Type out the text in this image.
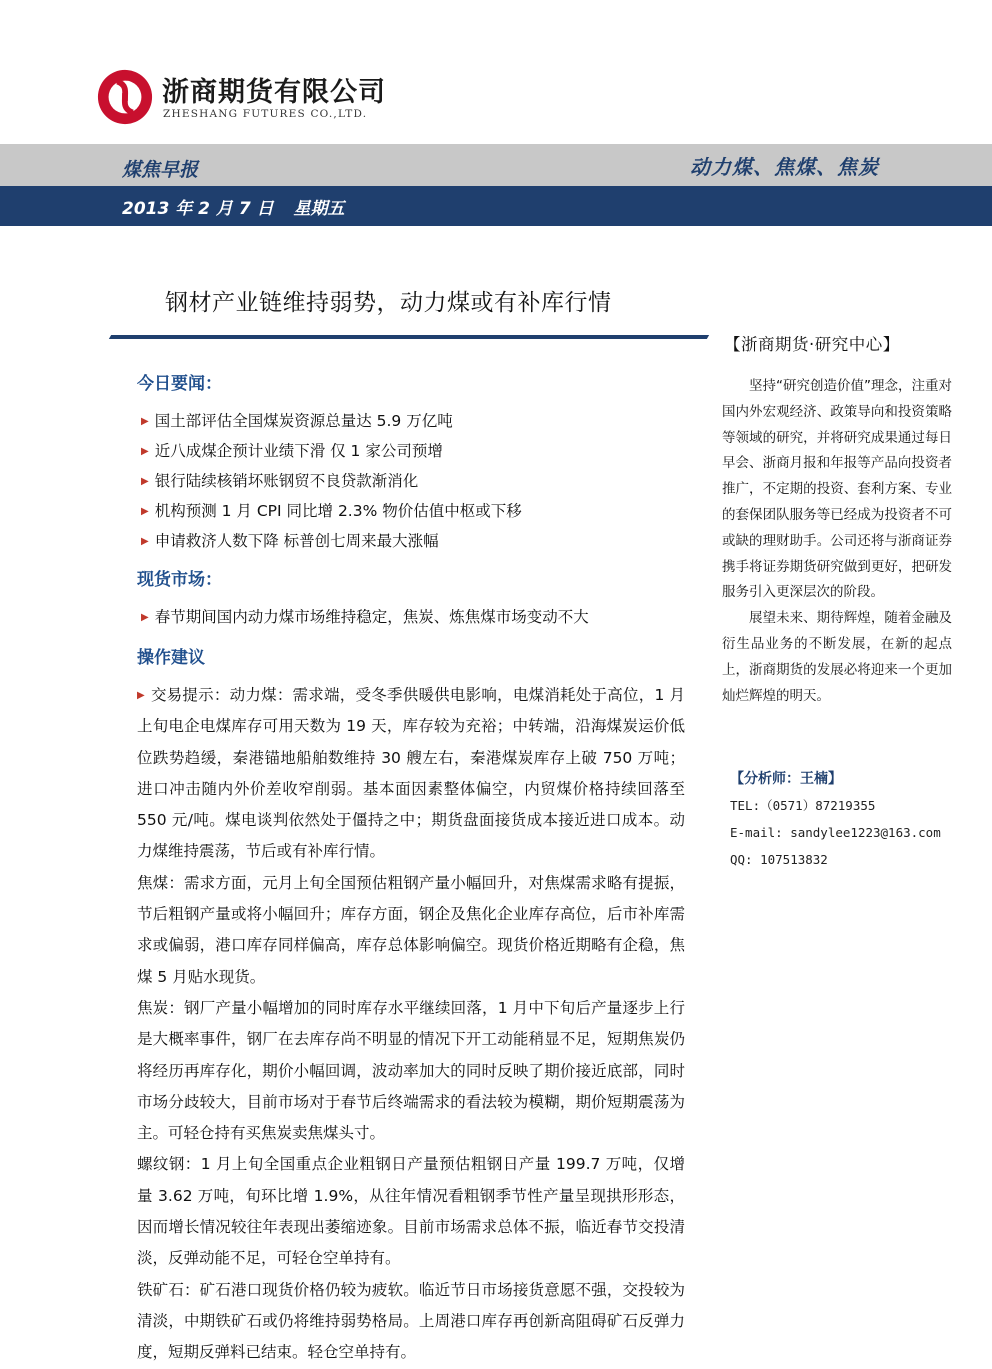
浙商期货有限公司
ZHESHANG FUTURES CO.,LTD.
煤焦早报	动力煤、焦煤、焦炭
2013 年 2 月 7 日 星期五
钢材产业链维持弱势，动力煤或有补库行情
今日要闻：
▶ 国土部评估全国煤炭资源总量达 5.9 万亿吨
▶ 近八成煤企预计业绩下滑 仅 1 家公司预增
▶ 银行陆续核销坏账钢贸不良贷款渐消化
▶ 机构预测 1 月 CPI 同比增 2.3% 物价估值中枢或下移
▶ 申请救济人数下降 标普创七周来最大涨幅
现货市场：
▶ 春节期间国内动力煤市场维持稳定，焦炭、炼焦煤市场变动不大
操作建议

▶ 交易提示：动力煤：需求端，受冬季供暖供电影响，电煤消耗处于高位，1 月上旬电企电煤库存可用天数为 19 天，库存较为充裕；中转端，沿海煤炭运价低位跌势趋缓，秦港锚地船舶数维持 30 艘左右，秦港煤炭库存上破 750 万吨；进口冲击随内外价差收窄削弱。基本面因素整体偏空，内贸煤价格持续回落至 550 元/吨。煤电谈判依然处于僵持之中；期货盘面接货成本接近进口成本。动力煤维持震荡，节后或有补库行情。

焦煤：需求方面，元月上旬全国预估粗钢产量小幅回升，对焦煤需求略有提振，节后粗钢产量或将小幅回升；库存方面，钢企及焦化企业库存高位，后市补库需求或偏弱，港口库存同样偏高，库存总体影响偏空。现货价格近期略有企稳，焦煤 5 月贴水现货。

焦炭：钢厂产量小幅增加的同时库存水平继续回落，1 月中下旬后产量逐步上行是大概率事件，钢厂在去库存尚不明显的情况下开工动能稍显不足，短期焦炭仍将经历再库存化，期价小幅回调，波动率加大的同时反映了期价接近底部，同时市场分歧较大，目前市场对于春节后终端需求的看法较为模糊，期价短期震荡为主。可轻仓持有买焦炭卖焦煤头寸。

螺纹钢：1 月上旬全国重点企业粗钢日产量预估粗钢日产量 199.7 万吨，仅增量 3.62 万吨，旬环比增 1.9%，从往年情况看粗钢季节性产量呈现拱形形态，因而增长情况较往年表现出萎缩迹象。目前市场需求总体不振，临近春节交投清淡，反弹动能不足，可轻仓空单持有。

铁矿石：矿石港口现货价格仍较为疲软。临近节日市场接货意愿不强，交投较为清淡，中期铁矿石或仍将维持弱势格局。上周港口库存再创新高阻碍矿石反弹力度，短期反弹料已结束。轻仓空单持有。

【浙商期货·研究中心】

坚持“研究创造价值”理念，注重对国内外宏观经济、政策导向和投资策略等领域的研究，并将研究成果通过每日早会、浙商月报和年报等产品向投资者推广，不定期的投资、套利方案、专业的套保团队服务等已经成为投资者不可或缺的理财助手。公司还将与浙商证券携手将证券期货研究做到更好，把研发服务引入更深层次的阶段。

展望未来、期待辉煌，随着金融及衍生品业务的不断发展，在新的起点上，浙商期货的发展必将迎来一个更加灿烂辉煌的明天。

【分析师：王楠】
TEL:（0571）87219355
E-mail: sandylee1223@163.com
QQ: 107513832
